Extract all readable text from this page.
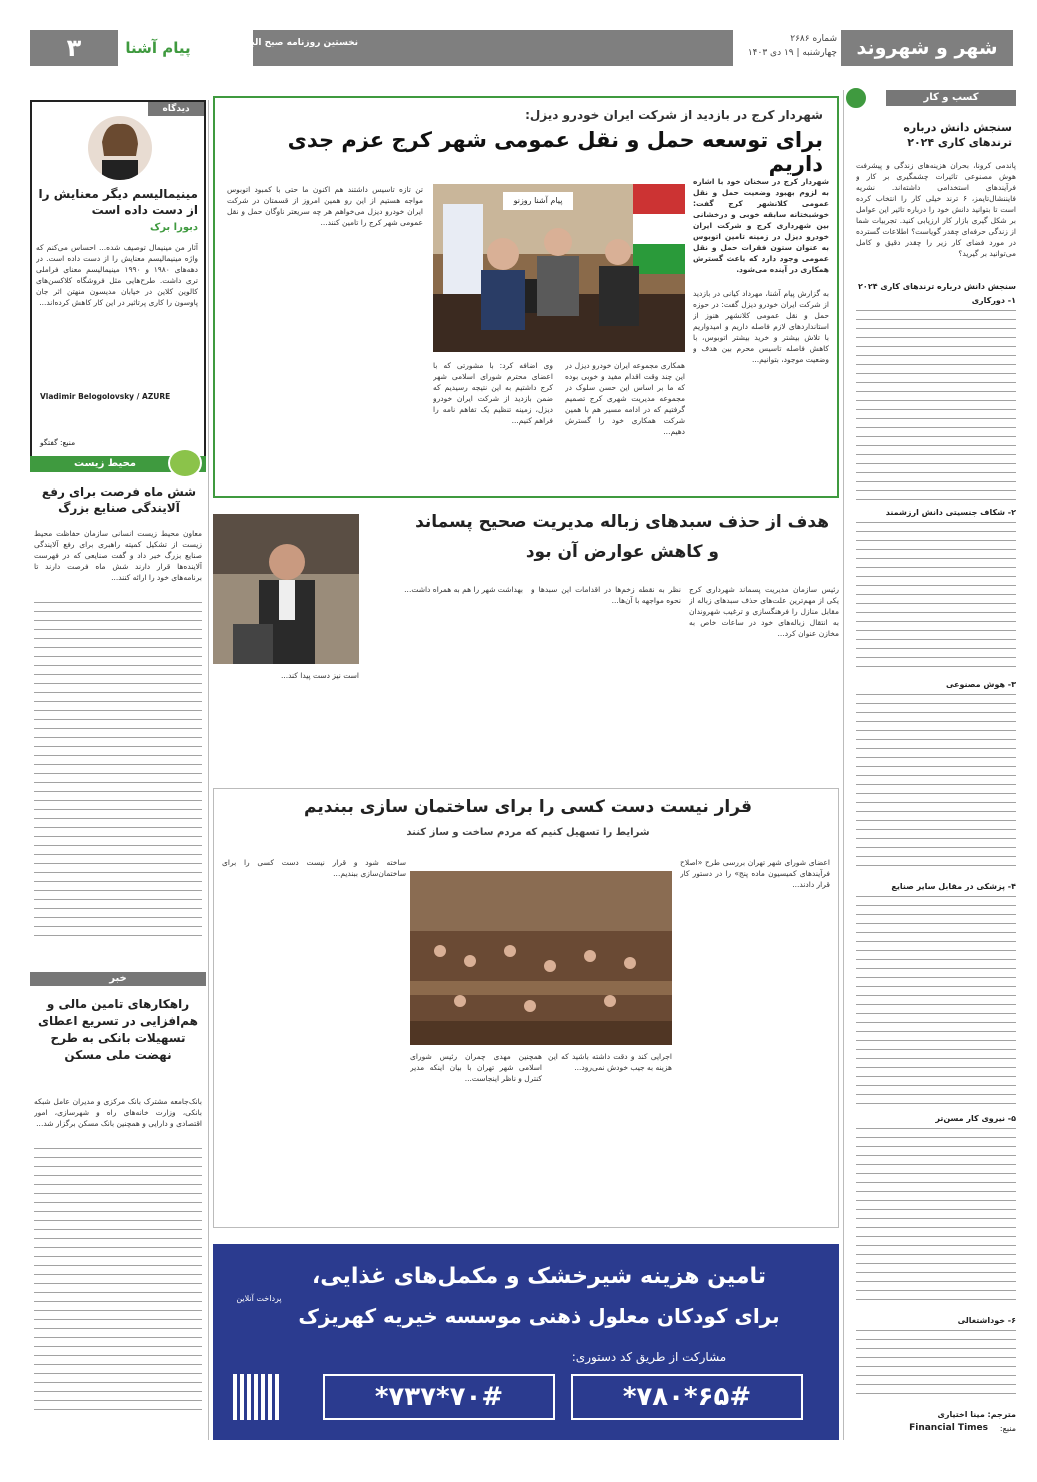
شهر و شهروند
شماره ۲۶۸۶
چهارشنبه | ۱۹ دی ۱۴۰۳
نخستین روزنامه صبح البرز
پیام آشنا
۳
کسب و کار
سنجش دانش درباره ترندهای کاری ۲۰۲۴
پاندمی کرونا، بحران هزینه‌های زندگی و پیشرفت هوش مصنوعی تاثیرات چشمگیری بر کار و فرآیندهای استخدامی داشته‌اند. نشریه فایننشال‌تایمز، ۶ ترند خیلی کار را انتخاب کرده است تا بتوانید دانش خود را درباره تاثیر این عوامل بر شکل گیری بازار کار ارزیابی کنید. تجربیات شما از زندگی حرفه‌ای چقدر گویاست؟ اطلاعات گسترده در مورد فضای کار زیر را چقدر دقیق و کامل می‌توانید بر گیرید؟
سنجش دانش درباره ترندهای کاری ۲۰۲۴
۱- دورکاری
۲- شکاف جنسیتی دانش ارزشمند
۳- هوش مصنوعی
۴- پزشکی در مقابل سایر صنایع
۵- نیروی کار مسن‌تر
۶- خوداشتغالی
مترجم: مینا اختیاری
منبع:
Financial Times
شهردار کرج در بازدید از شرکت ایران خودرو دیزل:
برای توسعه حمل و نقل عمومی شهر کرج عزم جدی داریم
شهردار کرج در سخنان خود با اشاره به لزوم بهبود وضعیت حمل و نقل عمومی کلانشهر کرج گفت: خوشبختانه سابقه خوبی و درخشانی بین شهرداری کرج و شرکت ایران خودرو دیزل در زمینه تامین اتوبوس به عنوان ستون فقرات حمل و نقل عمومی وجود دارد که باعث گسترش همکاری در آینده می‌شود.
به گزارش پیام آشنا، مهرداد کیانی در بازدید از شرکت ایران خودرو دیزل گفت: در حوزه حمل و نقل عمومی کلانشهر هنوز از استانداردهای لازم فاصله داریم و امیدواریم با تلاش بیشتر و خرید بیشتر اتوبوس، با کاهش فاصله تاسیس محرم بین هدف و وضعیت موجود، بتوانیم...
پیام آشنا روزنو
همکاری مجموعه ایران خودرو دیزل در این چند وقت اقدام مفید و خوبی بوده که ما بر اساس این حسن سلوک در مجموعه مدیریت شهری کرج تصمیم گرفتیم که در ادامه مسیر هم با همین شرکت همکاری خود را گسترش دهیم...
وی اضافه کرد: با مشورتی که با اعضای محترم شورای اسلامی شهر کرج داشتیم به این نتیجه رسیدیم که ضمن بازدید از شرکت ایران خودرو دیزل، زمینه تنظیم یک تفاهم نامه را فراهم کنیم...
تن تازه تاسیس داشتند هم اکنون ما حتی با کمبود اتوبوس مواجه هستیم از این رو همین امروز از قسمتان در شرکت ایران خودرو دیزل می‌خواهم هر چه سریعتر ناوگان حمل و نقل عمومی شهر کرج را تامین کنند...
دیدگاه
مینیمالیسم دیگر معنایش را از دست داده است
دبورا برک
آثار من مینیمال توصیف شده... احساس می‌کنم که واژه مینیمالیسم معنایش را از دست داده است. در دهه‌های ۱۹۸۰ و ۱۹۹۰ مینیمالیسم معنای فراملی تری داشت. طرح‌هایی مثل فروشگاه کلاکسن‌های کالوین کلاین در خیابان مدیسون منهتن اثر جان پاوسون را کاری پرتاثیر در این کار کاهش کرده‌اند...
Vladimir Belogolovsky / AZURE
منبع: گفتگو
محیط زیست
شش ماه فرصت برای رفع آلایندگی صنایع بزرگ
معاون محیط زیست انسانی سازمان حفاظت محیط زیست از تشکیل کمیته راهبری برای رفع آلایندگی صنایع بزرگ خبر داد و گفت صنایعی که در فهرست آلاینده‌ها قرار دارند شش ماه فرصت دارند تا برنامه‌های خود را ارائه کنند...
خبر
راهکارهای تامین مالی و هم‌افزایی در تسریع اعطای تسهیلات بانکی به طرح نهضت ملی مسکن
بانک‌جامعه مشترک بانک مرکزی و مدیران عامل شبکه بانکی، وزارت خانه‌های راه و شهرسازی، امور اقتصادی و دارایی و همچنین بانک مسکن برگزار شد...
هدف از حذف سبدهای زباله مدیریت صحیح پسماند
و کاهش عوارض آن بود
رئیس سازمان مدیریت پسماند شهرداری کرج یکی از مهم‌ترین علت‌های حذف سبدهای زباله از مقابل منازل را فرهنگسازی و ترغیب شهروندان به انتقال زباله‌های خود در ساعات خاص به مخازن عنوان کرد...
نظر به نقطه زخم‌ها در اقدامات این سبدها و نحوه مواجهه با آن‌ها...
بهداشت شهر را هم به همراه داشت...
است نیز دست پیدا کند...
قرار نیست دست کسی را برای ساختمان سازی ببندیم
شرایط را تسهیل کنیم که مردم ساخت و ساز کنند
اعضای شورای شهر تهران بررسی طرح «اصلاح فرآیندهای کمیسیون ماده پنج» را در دستور کار قرار دادند...
همچنین مهدی چمران رئیس شورای اسلامی شهر تهران با بیان اینکه مدیر کنترل و ناظر اینجاست...
اجرایی کند و دقت داشته باشید که این هزینه به جیب خودش نمی‌رود...
ساخته شود و قرار نیست دست کسی را برای ساختمان‌سازی ببندیم...
تامین هزینه شیرخشک و مکمل‌های غذایی،
برای کودکان معلول ذهنی موسسه خیریه کهریزک
مشارکت از طریق کد دستوری:
*۷۸۰*۶۵#
*۷۳۷*۷۰#
پرداخت آنلاین
